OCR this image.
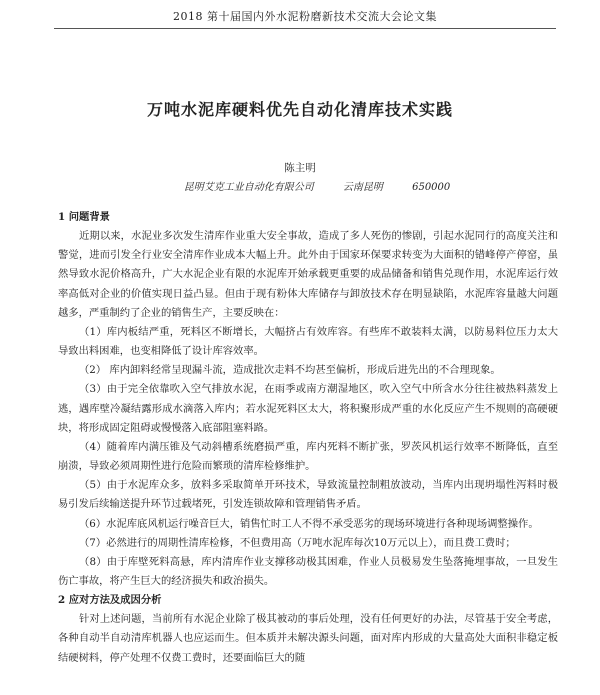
2018 第十届国内外水泥粉磨新技术交流大会论文集
万吨水泥库硬料优先自动化清库技术实践
陈主明
昆明艾克工业自动化有限公司	云南昆明	650000
1 问题背景

近期以来，水泥业多次发生清库作业重大安全事故，造成了多人死伤的惨剧，引起水泥同行的高度关注和警觉，进而引发全行业安全清库作业成本大幅上升。此外由于国家环保要求转变为大面积的错峰停产停窑，虽然导致水泥价格高升，广大水泥企业有限的水泥库开始承载更重要的成品储备和销售兑现作用，水泥库运行效率高低对企业的价值实现日益凸显。但由于现有粉体大库储存与卸放技术存在明显缺陷，水泥库容量越大问题越多，严重制约了企业的销售生产，主要反映在：

（1）库内板结严重，死料区不断增长，大幅挤占有效库容。有些库不敢装料太满，以防易料位压力太大导致出料困难，也变相降低了设计库容效率。

（2） 库内卸料经常呈现漏斗流，造成批次走料不均甚至偏析，形成后进先出的不合理现象。

（3）由于完全依靠吹入空气排放水泥，在雨季或南方潮湿地区，吹入空气中所含水分往往被热料蒸发上逃，遇库壁冷凝结露形成水滴落入库内；若水泥死料区太大，将积聚形成严重的水化反应产生不规则的高硬硬块，将形成固定阻碍或慢慢落入底部阻塞料路。

（4）随着库内满压锥及气动斜槽系统磨损严重，库内死料不断扩张，罗茨风机运行效率不断降低，直至崩溃，导致必须周期性进行危险而繁琐的清库检修维护。

（5）由于水泥库众多，放料多采取简单开环技术，导致流量控制粗放波动，当库内出现坍塌性泻料时极易引发后续输送提升环节过载堵死，引发连锁故障和管理销售矛盾。

（6）水泥库底风机运行噪音巨大，销售忙时工人不得不承受恶劣的现场环境进行各种现场调整操作。

（7）必然进行的周期性清库检修，不但费用高（万吨水泥库每次10万元以上），而且费工费时；

（8）由于库壁死料高悬，库内清库作业支撑移动极其困难，作业人员极易发生坠落掩埋事故，一旦发生伤亡事故，将产生巨大的经济损失和政治损失。

2 应对方法及成因分析

针对上述问题，当前所有水泥企业除了极其被动的事后处理，没有任何更好的办法，尽管基于安全考虑，各种自动半自动清库机器人也应运而生。但本质并未解决源头问题，面对库内形成的大量高处大面积非稳定板结硬树料，停产处理不仅费工费时，还要面临巨大的随
